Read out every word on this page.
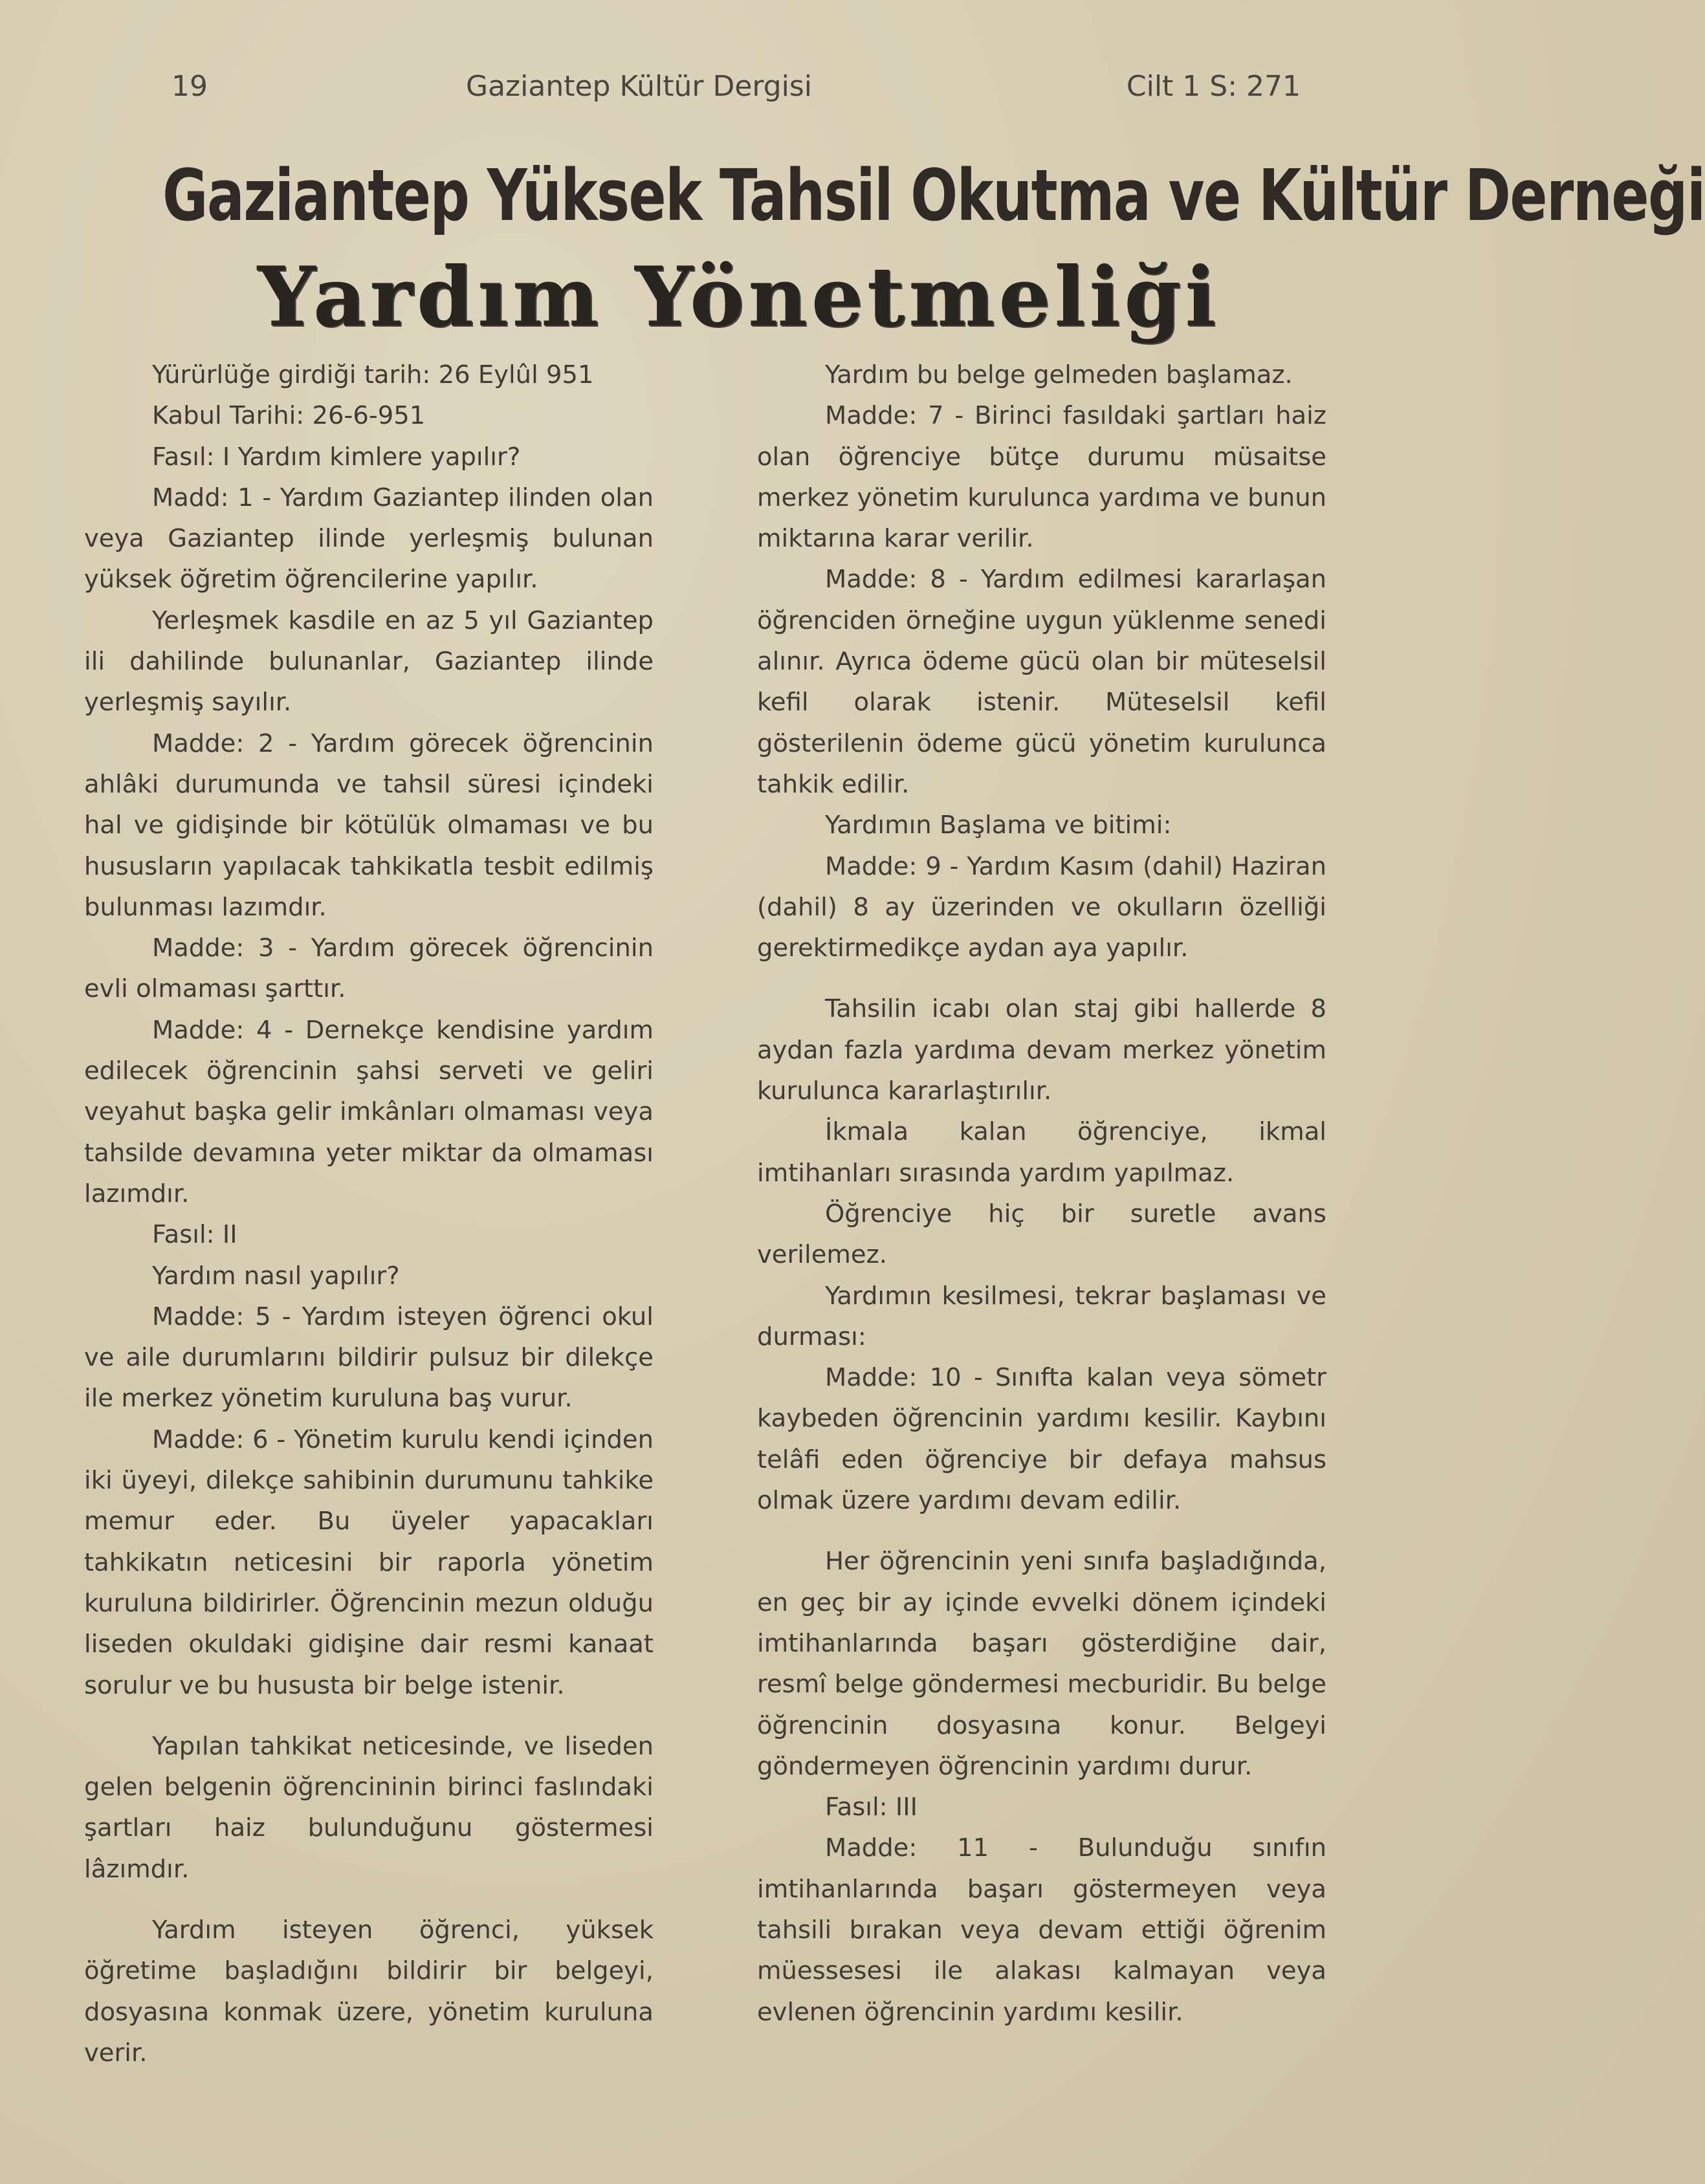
19	Gaziantep Kültür Dergisi	Cilt 1 S: 271
Gaziantep Yüksek Tahsil Okutma ve Kültür Derneği
Yardım Yönetmeliği

Yürürlüğe girdiği tarih: 26 Eylûl 951

Kabul Tarihi: 26-6-951

Fasıl: I Yardım kimlere yapılır?

Madd: 1 - Yardım Gaziantep ilinden olan veya Gaziantep ilinde yerleşmiş bulunan yüksek öğretim öğrencilerine yapılır.

Yerleşmek kasdile en az 5 yıl Gaziantep ili dahilinde bulunanlar, Gaziantep ilinde yerleşmiş sayılır.

Madde: 2 - Yardım görecek öğrencinin ahlâki durumunda ve tahsil süresi içindeki hal ve gidişinde bir kötülük olmaması ve bu hususların yapılacak tahkikatla tesbit edilmiş bulunması lazımdır.

Madde: 3 - Yardım görecek öğrencinin evli olmaması şarttır.

Madde: 4 - Dernekçe kendisine yardım edilecek öğrencinin şahsi serveti ve geliri veyahut başka gelir imkânları olmaması veya tahsilde devamına yeter miktar da olmaması lazımdır.

Fasıl: II

Yardım nasıl yapılır?

Madde: 5 - Yardım isteyen öğrenci okul ve aile durumlarını bildirir pulsuz bir dilekçe ile merkez yönetim kuruluna baş vurur.

Madde: 6 - Yönetim kurulu kendi içinden iki üyeyi, dilekçe sahibinin durumunu tahkike memur eder. Bu üyeler yapacakları tahkikatın neticesini bir raporla yönetim kuruluna bildirirler. Öğrencinin mezun olduğu liseden okuldaki gidişine dair resmi kanaat sorulur ve bu hususta bir belge istenir.

Yapılan tahkikat neticesinde, ve liseden gelen belgenin öğrencininin birinci faslındaki şartları haiz bulunduğunu göstermesi lâzımdır.

Yardım isteyen öğrenci, yüksek öğretime başladığını bildirir bir belgeyi, dosyasına konmak üzere, yönetim kuruluna verir.

Yardım bu belge gelmeden başlamaz.

Madde: 7 - Birinci fasıldaki şartları haiz olan öğrenciye bütçe durumu müsaitse merkez yönetim kurulunca yardıma ve bunun miktarına karar verilir.

Madde: 8 - Yardım edilmesi kararlaşan öğrenciden örneğine uygun yüklenme senedi alınır. Ayrıca ödeme gücü olan bir müteselsil kefil olarak istenir. Müteselsil kefil gösterilenin ödeme gücü yönetim kurulunca tahkik edilir.

Yardımın Başlama ve bitimi:

Madde: 9 - Yardım Kasım (dahil) Haziran (dahil) 8 ay üzerinden ve okulların özelliği gerektirmedikçe aydan aya yapılır.

Tahsilin icabı olan staj gibi hallerde 8 aydan fazla yardıma devam merkez yönetim kurulunca kararlaştırılır.

İkmala kalan öğrenciye, ikmal imtihanları sırasında yardım yapılmaz.

Öğrenciye hiç bir suretle avans verilemez.

Yardımın kesilmesi, tekrar başlaması ve durması:

Madde: 10 - Sınıfta kalan veya sömetr kaybeden öğrencinin yardımı kesilir. Kaybını telâfi eden öğrenciye bir defaya mahsus olmak üzere yardımı devam edilir.

Her öğrencinin yeni sınıfa başladığında, en geç bir ay içinde evvelki dönem içindeki imtihanlarında başarı gösterdiğine dair, resmî belge göndermesi mecburidir. Bu belge öğrencinin dosyasına konur. Belgeyi göndermeyen öğrencinin yardımı durur.

Fasıl: III

Madde: 11 - Bulunduğu sınıfın imtihanlarında başarı göstermeyen veya tahsili bırakan veya devam ettiği öğrenim müessesesi ile alakası kalmayan veya evlenen öğrencinin yardımı kesilir.
